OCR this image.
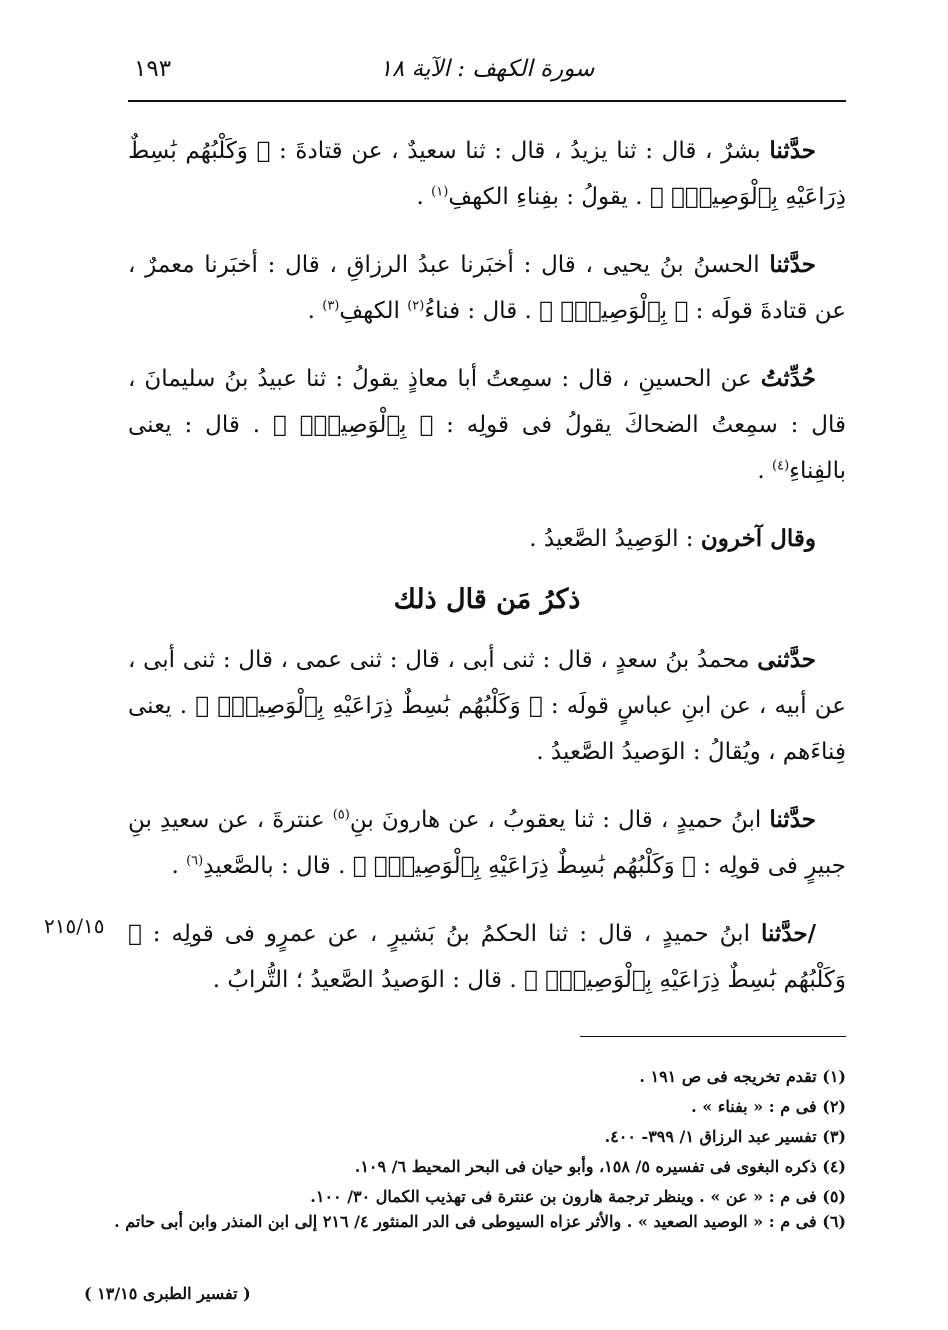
سورة الكهف : الآية ١٨
١٩٣

حدَّثنا بشرٌ ، قال : ثنا يزيدُ ، قال : ثنا سعيدٌ ، عن قتادةَ : ﴿ وَكَلْبُهُم بَٰسِطٌ ذِرَاعَيْهِ بِٱلْوَصِيدِۚ ﴾ . يقولُ : بفِناءِ الكهفِ$^{(١)}$ .

حدَّثنا الحسنُ بنُ يحيى ، قال : أخبَرنا عبدُ الرزاقِ ، قال : أخبَرنا معمرٌ ، عن قتادةَ قولَه : ﴿ بِٱلْوَصِيدِۚ ﴾ . قال : فناءُ$^{(٢)}$ الكهفِ$^{(٣)}$ .

حُدِّثتُ عن الحسينِ ، قال : سمِعتُ أبا معاذٍ يقولُ : ثنا عبيدُ بنُ سليمانَ ، قال : سمِعتُ الضحاكَ يقولُ فى قولِه : ﴿ بِٱلْوَصِيدِۚ ﴾ . قال : يعنى بالفِناءِ$^{(٤)}$ .

وقال آخرون : الوَصِيدُ الصَّعيدُ .

ذكرُ مَن قال ذلك

حدَّثنى محمدُ بنُ سعدٍ ، قال : ثنى أبى ، قال : ثنى عمى ، قال : ثنى أبى ، عن أبيه ، عن ابنِ عباسٍ قولَه : ﴿ وَكَلْبُهُم بَٰسِطٌ ذِرَاعَيْهِ بِٱلْوَصِيدِۚ ﴾ . يعنى فِناءَهم ، ويُقالُ : الوَصيدُ الصَّعيدُ .

حدَّثنا ابنُ حميدٍ ، قال : ثنا يعقوبُ ، عن هارونَ بنِ$^{(٥)}$ عنترةَ ، عن سعيدِ بنِ جبيرٍ فى قولِه : ﴿ وَكَلْبُهُم بَٰسِطٌ ذِرَاعَيْهِ بِٱلْوَصِيدِۚ ﴾ . قال : بالصَّعيدِ$^{(٦)}$ .

/حدَّثنا ابنُ حميدٍ ، قال : ثنا الحكمُ بنُ بَشيرٍ ، عن عمرٍو فى قولِه : ﴿ وَكَلْبُهُم بَٰسِطٌ ذِرَاعَيْهِ بِٱلْوَصِيدِۚ ﴾ . قال : الوَصيدُ الصَّعيدُ ؛ التُّرابُ .

٢١٥/١٥

(١) تقدم تخريجه فى ص ١٩١ .

(٢) فى م : « بفناء » .

(٣) تفسير عبد الرزاق ١/ ٣٩٩- ٤٠٠.

(٤) ذكره البغوى فى تفسيره ٥/ ١٥٨، وأبو حيان فى البحر المحيط ٦/ ١٠٩.

(٥) فى م : « عن » . وينظر ترجمة هارون بن عنترة فى تهذيب الكمال ٣٠/ ١٠٠.

(٦) فى م : « الوصيد الصعيد » . والأثر عزاه السيوطى فى الدر المنثور ٤/ ٢١٦ إلى ابن المنذر وابن أبى حاتم .

( تفسير الطبرى ١٣/١٥ )
